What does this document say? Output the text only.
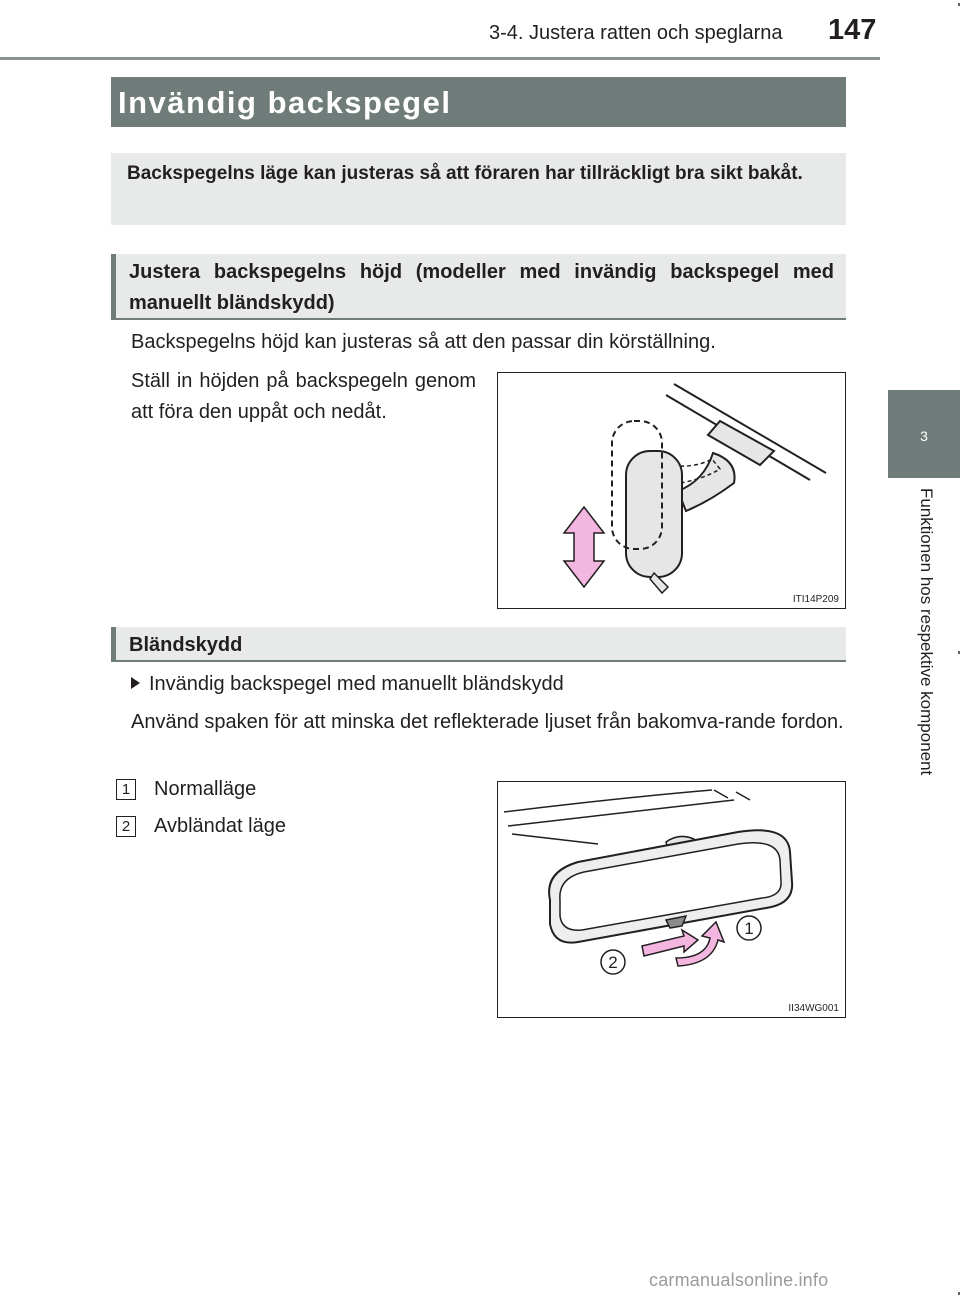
3-4. Justera ratten och speglarna 147
3
Funktionen hos respektive komponent
Invändig backspegel
Backspegelns läge kan justeras så att föraren har tillräckligt bra sikt bakåt.
Justera backspegelns höjd (modeller med invändig backspegel med manuellt bländskydd)
Backspegelns höjd kan justeras så att den passar din körställning.
Ställ in höjden på backspegeln genom att föra den uppåt och nedåt.
ITI14P209
Bländskydd
Invändig backspegel med manuellt bländskydd
Använd spaken för att minska det reflekterade ljuset från bakomva-rande fordon.
1 Normalläge
2 Avbländat läge
1
2
II34WG001
carmanualsonline.info
